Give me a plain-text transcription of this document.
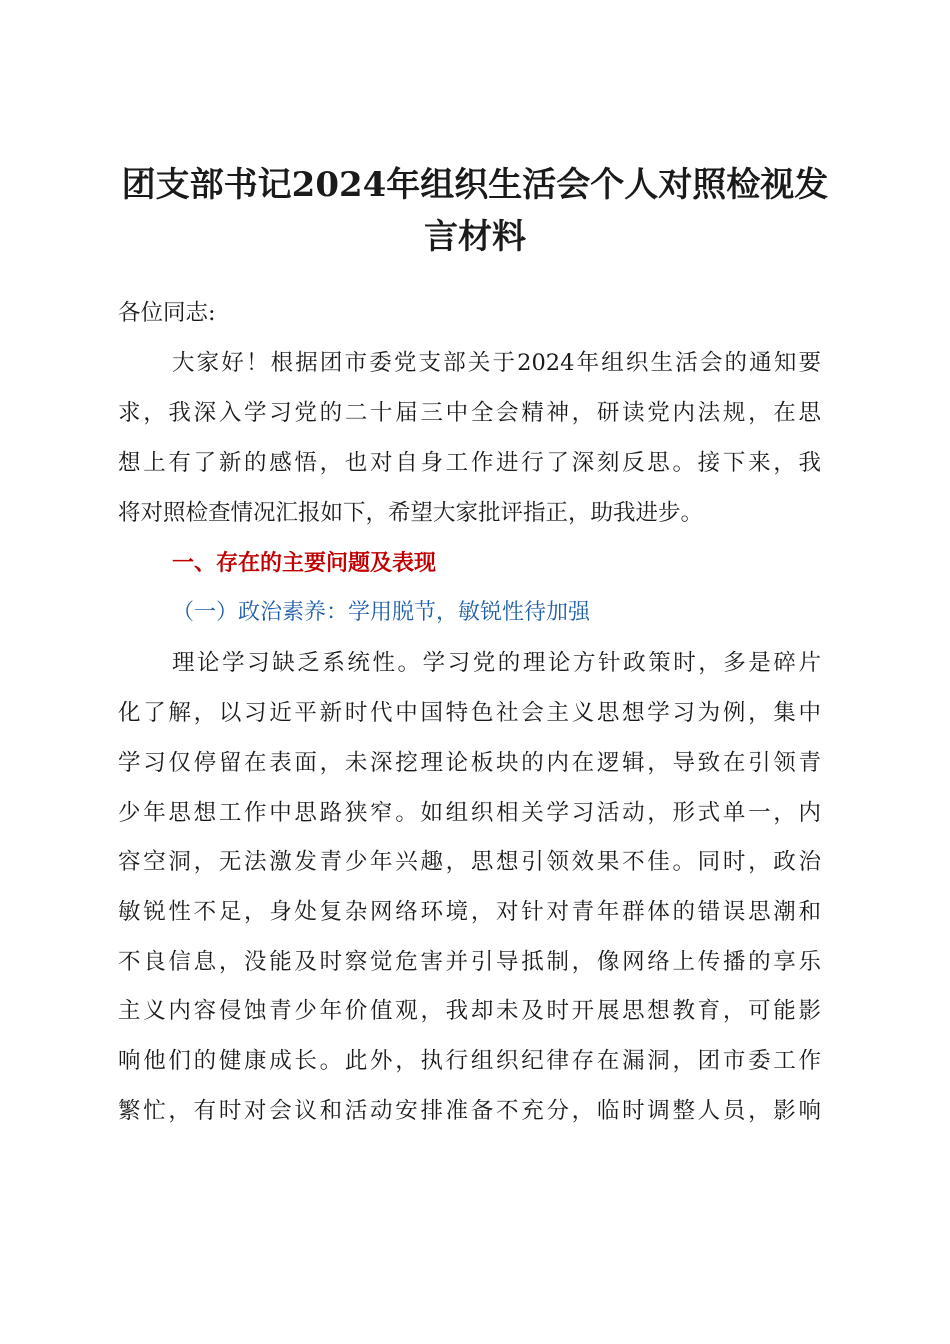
团支部书记2024年组织生活会个人对照检视发
言材料
各位同志:
大家好！根据团市委党支部关于2024年组织生活会的通知要
求，我深入学习党的二十届三中全会精神，研读党内法规，在思
想上有了新的感悟，也对自身工作进行了深刻反思。接下来，我
将对照检查情况汇报如下，希望大家批评指正，助我进步。
一、存在的主要问题及表现
（一）政治素养：学用脱节，敏锐性待加强
理论学习缺乏系统性。学习党的理论方针政策时，多是碎片
化了解，以习近平新时代中国特色社会主义思想学习为例，集中
学习仅停留在表面，未深挖理论板块的内在逻辑，导致在引领青
少年思想工作中思路狭窄。如组织相关学习活动，形式单一，内
容空洞，无法激发青少年兴趣，思想引领效果不佳。同时，政治
敏锐性不足，身处复杂网络环境，对针对青年群体的错误思潮和
不良信息，没能及时察觉危害并引导抵制，像网络上传播的享乐
主义内容侵蚀青少年价值观，我却未及时开展思想教育，可能影
响他们的健康成长。此外，执行组织纪律存在漏洞，团市委工作
繁忙，有时对会议和活动安排准备不充分，临时调整人员，影响
